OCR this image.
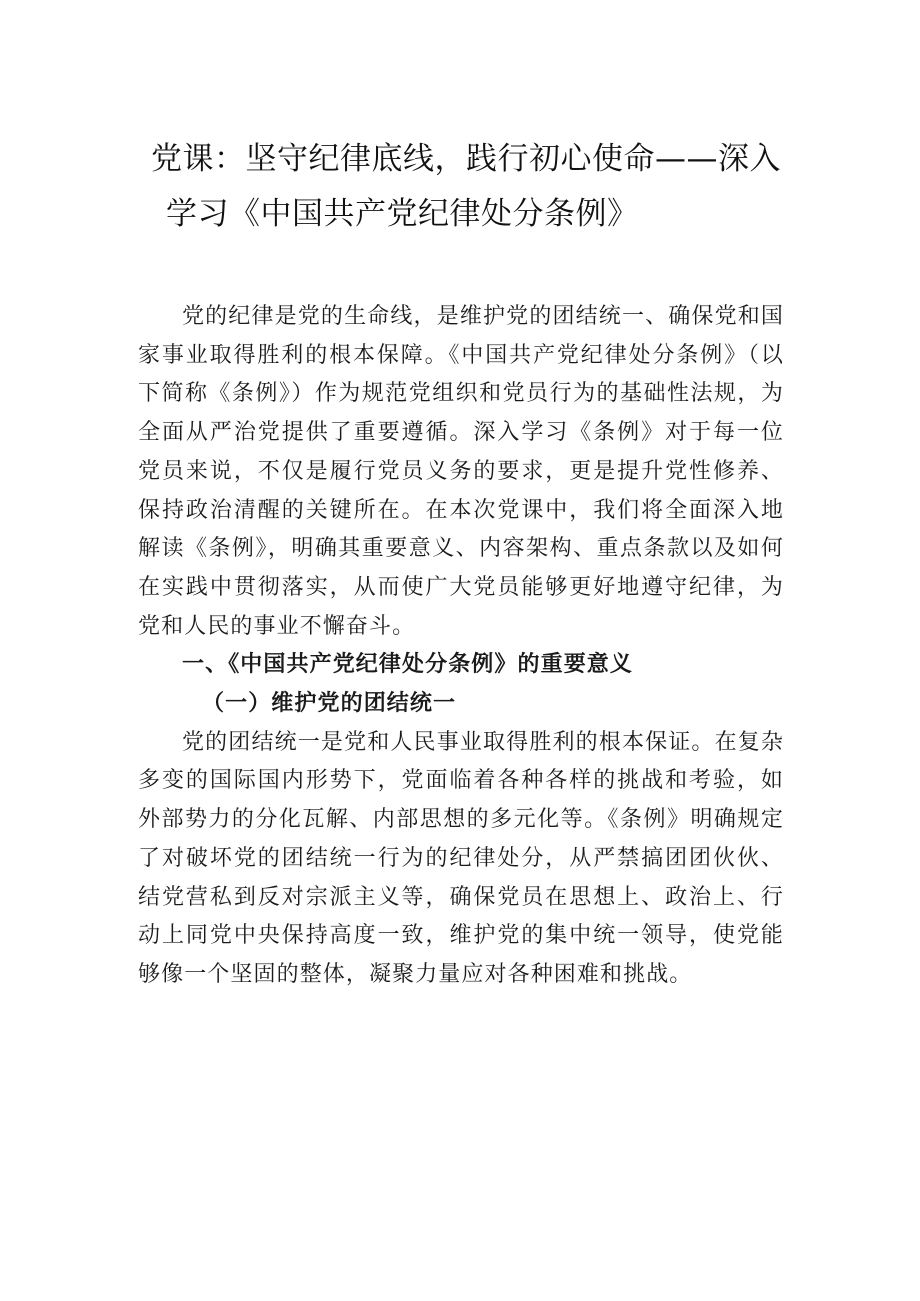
党课：坚守纪律底线，践行初心使命——深入
学习《中国共产党纪律处分条例》

党的纪律是党的生命线，是维护党的团结统一、确保党和国家事业取得胜利的根本保障。《中国共产党纪律处分条例》（以下简称《条例》）作为规范党组织和党员行为的基础性法规，为全面从严治党提供了重要遵循。深入学习《条例》对于每一位党员来说，不仅是履行党员义务的要求，更是提升党性修养、保持政治清醒的关键所在。在本次党课中，我们将全面深入地解读《条例》，明确其重要意义、内容架构、重点条款以及如何在实践中贯彻落实，从而使广大党员能够更好地遵守纪律，为党和人民的事业不懈奋斗。

一、《中国共产党纪律处分条例》的重要意义
（一）维护党的团结统一

党的团结统一是党和人民事业取得胜利的根本保证。在复杂多变的国际国内形势下，党面临着各种各样的挑战和考验，如外部势力的分化瓦解、内部思想的多元化等。《条例》明确规定了对破坏党的团结统一行为的纪律处分，从严禁搞团团伙伙、结党营私到反对宗派主义等，确保党员在思想上、政治上、行动上同党中央保持高度一致，维护党的集中统一领导，使党能够像一个坚固的整体，凝聚力量应对各种困难和挑战。
